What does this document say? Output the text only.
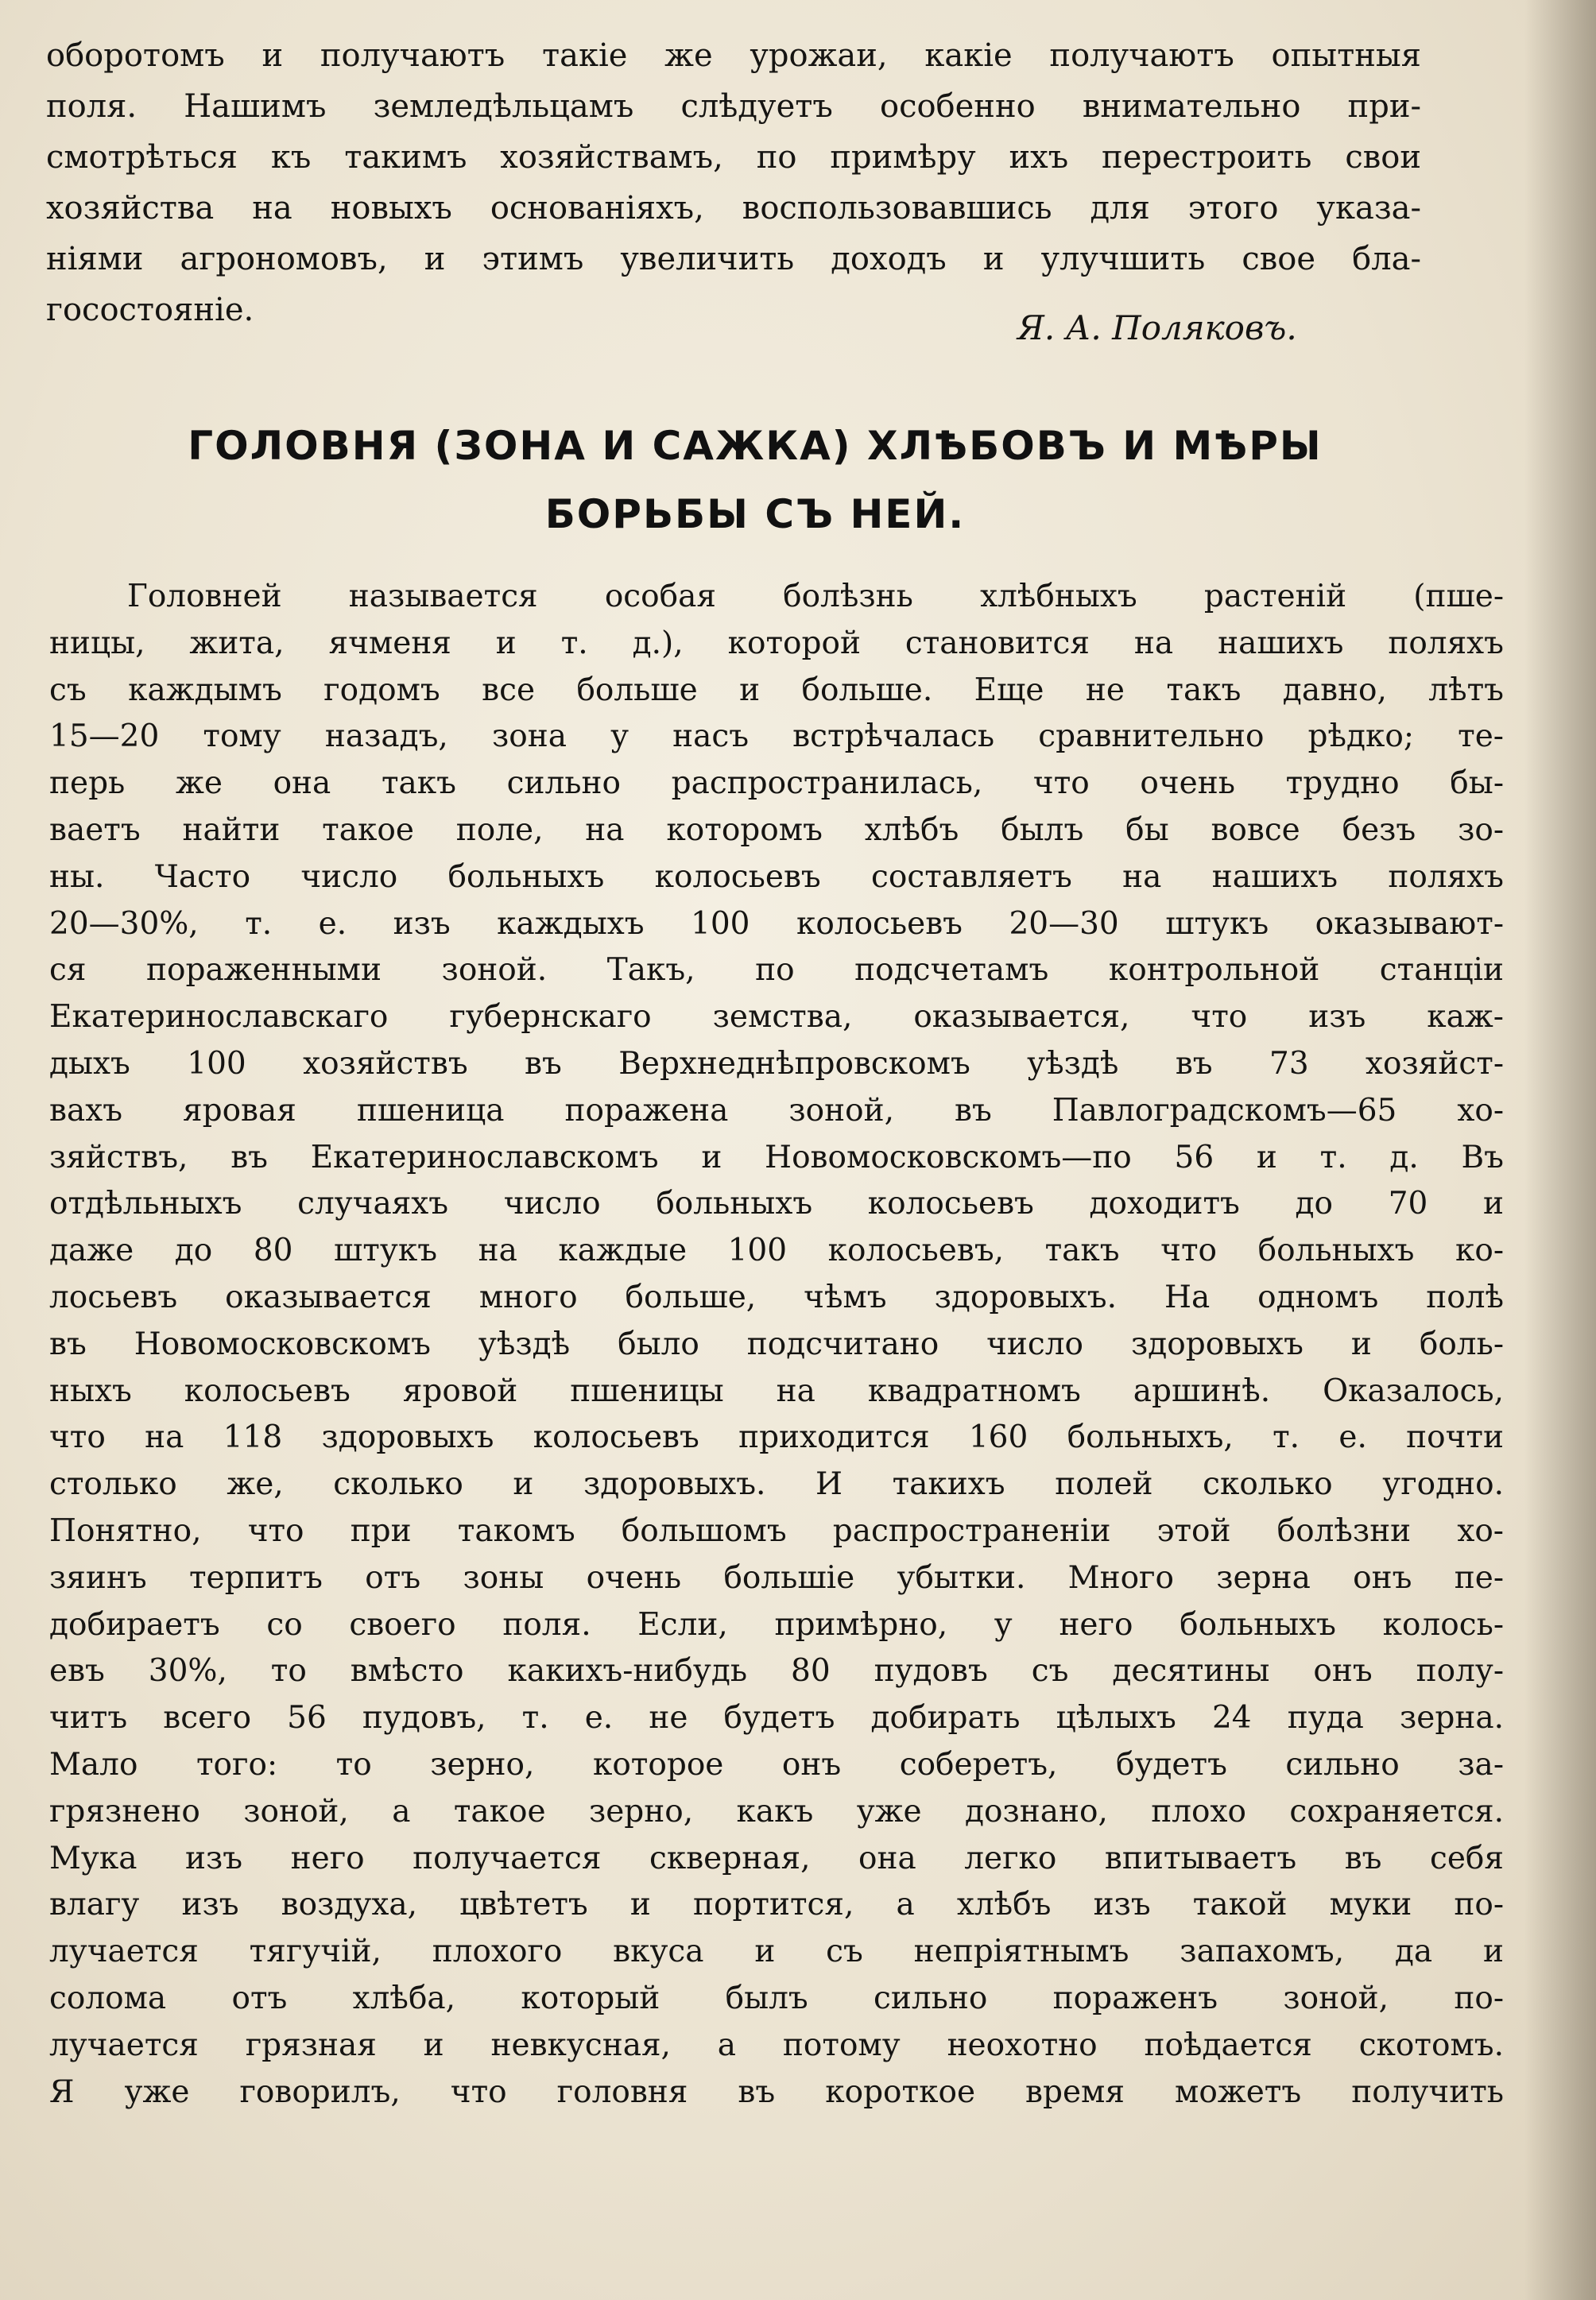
оборотомъ и получаютъ такіе же урожаи, какіе получаютъ опытныя
поля. Нашимъ земледѣльцамъ слѣдуетъ особенно внимательно при-
смотрѣться къ такимъ хозяйствамъ, по примѣру ихъ перестроить свои
хозяйства на новыхъ основаніяхъ, воспользовавшись для этого указа-
ніями агрономовъ, и этимъ увеличить доходъ и улучшить свое бла-
госостояніе.	Я. А. Поляковъ.
ГОЛОВНЯ (ЗОНА И САЖКА) ХЛѢБОВЪ И МѢРЫ
БОРЬБЫ СЪ НЕЙ.
Головней называется особая болѣзнь хлѣбныхъ растеній (пше-
ницы, жита, ячменя и т. д.), которой становится на нашихъ поляхъ
съ каждымъ годомъ все больше и больше. Еще не такъ давно, лѣтъ
15—20 тому назадъ, зона у насъ встрѣчалась сравнительно рѣдко; те-
перь же она такъ сильно распространилась, что очень трудно бы-
ваетъ найти такое поле, на которомъ хлѣбъ былъ бы вовсе безъ зо-
ны. Часто число больныхъ колосьевъ составляетъ на нашихъ поляхъ
20—30%, т. е. изъ каждыхъ 100 колосьевъ 20—30 штукъ оказывают-
ся пораженными зоной. Такъ, по подсчетамъ контрольной станціи
Екатеринославскаго губернскаго земства, оказывается, что изъ каж-
дыхъ 100 хозяйствъ въ Верхнеднѣпровскомъ уѣздѣ въ 73 хозяйст-
вахъ яровая пшеница поражена зоной, въ Павлоградскомъ—65 хо-
зяйствъ, въ Екатеринославскомъ и Новомосковскомъ—по 56 и т. д. Въ
отдѣльныхъ случаяхъ число больныхъ колосьевъ доходитъ до 70 и
даже до 80 штукъ на каждые 100 колосьевъ, такъ что больныхъ ко-
лосьевъ оказывается много больше, чѣмъ здоровыхъ. На одномъ полѣ
въ Новомосковскомъ уѣздѣ было подсчитано число здоровыхъ и боль-
ныхъ колосьевъ яровой пшеницы на квадратномъ аршинѣ. Оказалось,
что на 118 здоровыхъ колосьевъ приходится 160 больныхъ, т. е. почти
столько же, сколько и здоровыхъ. И такихъ полей сколько угодно.
Понятно, что при такомъ большомъ распространеніи этой болѣзни хо-
зяинъ терпитъ отъ зоны очень большіе убытки. Много зерна онъ пе-
добираетъ со своего поля. Если, примѣрно, у него больныхъ колось-
евъ 30%, то вмѣсто какихъ-нибудь 80 пудовъ съ десятины онъ полу-
читъ всего 56 пудовъ, т. е. не будетъ добирать цѣлыхъ 24 пуда зерна.
Мало того: то зерно, которое онъ соберетъ, будетъ сильно за-
грязнено зоной, а такое зерно, какъ уже дознано, плохо сохраняется.
Мука изъ него получается скверная, она легко впитываетъ въ себя
влагу изъ воздуха, цвѣтетъ и портится, а хлѣбъ изъ такой муки по-
лучается тягучій, плохого вкуса и съ непріятнымъ запахомъ, да и
солома отъ хлѣба, который былъ сильно пораженъ зоной, по-
лучается грязная и невкусная, а потому неохотно поѣдается скотомъ.
Я уже говорилъ, что головня въ короткое время можетъ получить
